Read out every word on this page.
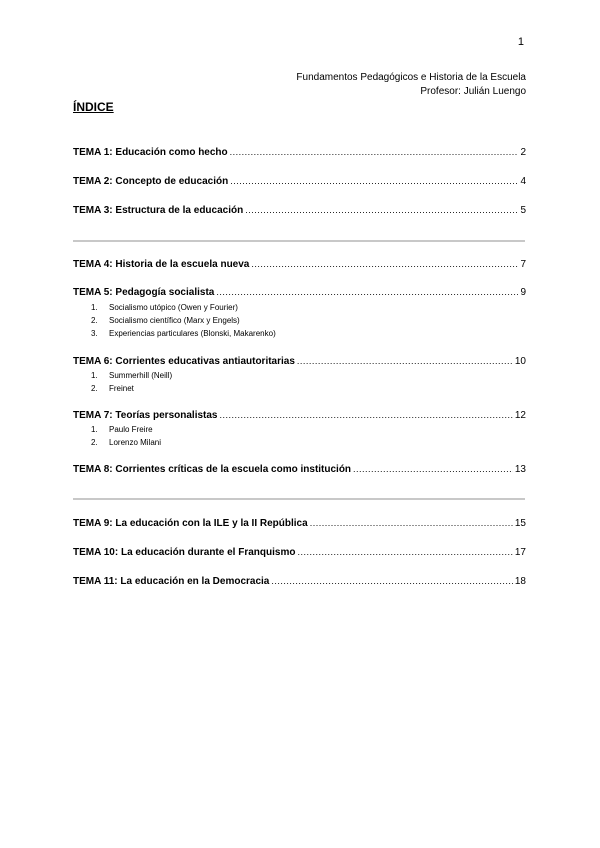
1
Fundamentos Pedagógicos e Historia de la Escuela
Profesor: Julián Luengo
ÍNDICE
TEMA 1: Educación como hecho .....	2
TEMA 2: Concepto de educación .....	4
TEMA 3: Estructura de la educación .....	5
TEMA 4: Historia de la escuela nueva .....	7
TEMA 5: Pedagogía socialista .....	9
1.	Socialismo utópico (Owen y Fourier)
2.	Socialismo científico (Marx y Engels)
3.	Experiencias particulares (Blonski, Makarenko)
TEMA 6: Corrientes educativas antiautoritarias .....	10
1.	Summerhill (Neill)
2.	Freinet
TEMA 7: Teorías personalistas .....	12
1.	Paulo Freire
2.	Lorenzo Milani
TEMA 8: Corrientes críticas de la escuela como institución .....	13
TEMA 9: La educación con la ILE y la II República .....	15
TEMA 10: La educación durante el Franquismo .....	17
TEMA 11: La educación en la Democracia .....	18
